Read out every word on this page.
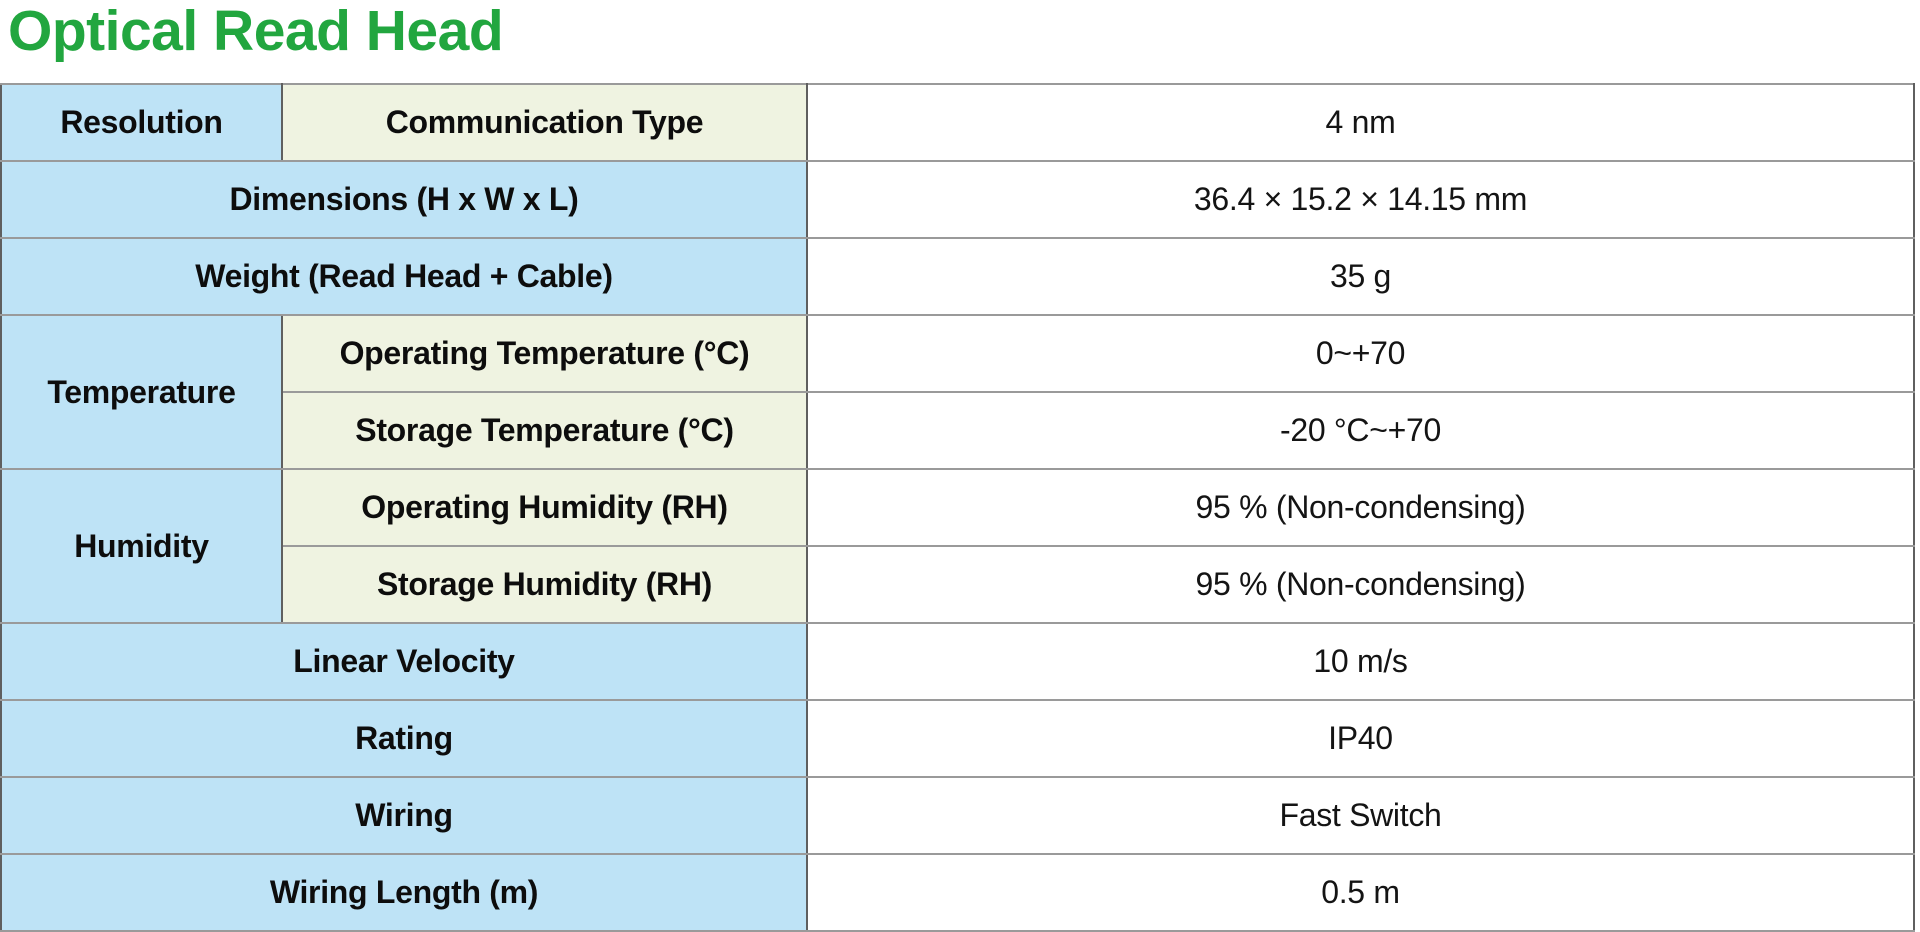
Optical Read Head
Resolution	Communication Type	4 nm
Dimensions (H x W x L)		36.4 × 15.2 × 14.15 mm
Weight (Read Head + Cable)		35 g
Temperature	Operating Temperature (°C)	0~+70
	Storage Temperature (°C)	-20 °C~+70
Humidity	Operating Humidity (RH)	95 % (Non-condensing)
	Storage Humidity (RH)	95 % (Non-condensing)
Linear Velocity		10 m/s
Rating		IP40
Wiring		Fast Switch
Wiring Length (m)		0.5 m
